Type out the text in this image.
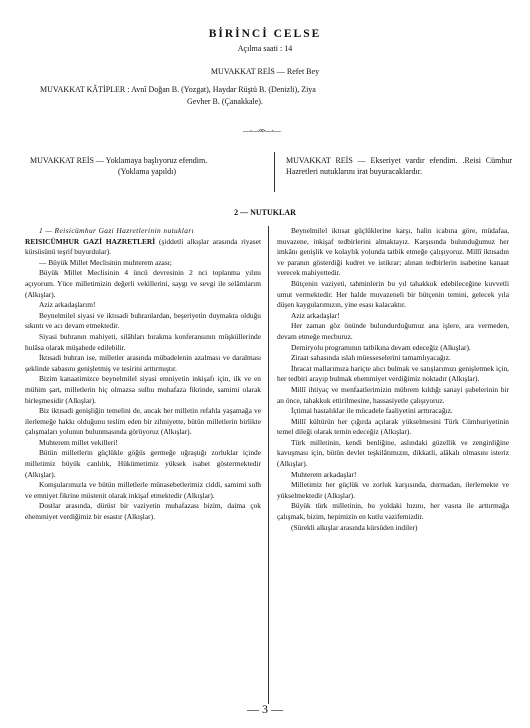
BİRİNCİ CELSE
Açılma saati : 14
MUVAKKAT REİS — Refet Bey
MUVAKKAT KÂTİPLER : Avnî Doğan B. (Yozgat), Haydar Rüştü B. (Denizli), Ziya
Gevher B. (Çanakkale).
—∙—∙∞∙—∙—
MUVAKKAT REİS — Yoklamaya başlıyoruz efendim.
(Yoklama yapıldı)
MUVAKKAT REİS — Ekseriyet vardır efendim. .Reisi Cümhur Hazretleri nutuklarını irat buyuracaklardır.
2 — NUTUKLAR

1 — Reisicümhur Gazi Hazretlerinin nutukları

REISICÜMHUR GAZİ HAZRETLERİ (şiddetli alkışlar arasında riyaset kürsüsünü teşrif buyurdular).

— Büyük Millet Meclisinin muhterem azası;

Büyük Millet Meclisinin 4 üncü devresinin 2 nci toplanma yılını açıyorum. Yüce milletimizin değerli vekillerini, saygı ve sevgi ile selâmlarım (Alkışlar).

Aziz arkadaşlarım!

Beynelmilel siyasi ve iktısadi buhranlardan, beşeriyetin duymakta olduğu sıkıntı ve acı devam etmektedir.

Siyasi buhranın mahiyeti, silâhları bırakma konferansının müşküllerinde hulâsa olarak müşahede edilebilir.

İktısadi buhran ise, milletler arasında mübadelenin azalması ve daralması şeklinde sabasını genişletmiş ve tesirini arttırmıştır.

Bizim kanaatimizce beynelmilel siyasi emniyetin inkişafı için, ilk ve en mühim şart, milletlerin hiç olmazsa sulhu muhafaza fikrinde, samimi olarak birleşmesidir (Alkışlar).

Biz iktısadi genişliğin temelini de, ancak her milletin refahla yaşamağa ve ilerlemeğe hakkı olduğunu teslim eden bir zihniyette, bütün milletlerin birlikte çalışmaları yolunun bulunmasında görüyoruz (Alkışlar).

Muhterem millet vekilleri!

Bütün milletlerin güçlükle göğüs germeğe uğraştığı zorluklar içinde milletimiz büyük canlılık, Hükümetimiz yüksek isabet göstermektedir (Alkışlar).

Komşularımızla ve bütün milletlerle münasebetlerimiz ciddi, samimi sulh ve emniyet fikrine müstenit olarak inkişaf etmektedir (Alkışlar).

Dostlar arasında, dürüst bir vaziyetin muhafazası bizim, daima çok ehemmiyet verdiğimiz bir esastır (Alkışlar).

Beynelmilel iktısat güçlüklerine karşı, halin icabına göre, müdafaa, muvazene, inkişaf tedbirlerini almaktayız. Karşısında bulunduğumuz her imkânı genişlik ve kolaylık yolunda tatbik etmeğe çalışıyoruz. Millî iktısadın ve paranın gösterdiği kudret ve istikrar; alınan tedbirlerin isabetine kanaat verecek mahiyettedir.

Bütçenin vaziyeti, tahminlerin bu yıl tahakkuk edebileceğine kuvvetli umut vermektedir. Her halde muvazeneli bir bütçenin temini, gelecek yıla düşen kaygularımızın, yine esası kalacaktır.

Aziz arkadaşlar!

Her zaman göz önünde bulundurduğumuz ana işlere, ara vermeden, devam etmeğe mecburuz.

Demiryolu programının tatbikına devam edeceğiz (Alkışlar).

Ziraat sahasında ıslah müesseselerini tamamlıyacağız.

İhracat mallarımıza hariçte alıcı bulmak ve satışlarımızı genişletmek için, her tedbiri arayıp bulmak ehemmiyet verdiğimiz noktadır (Alkışlar).

Millî ihtiyaç ve menfaatlerimizin mübrem kıldığı sanayi şubelerinin bir an önce, tahakkuk ettirilmesine, hassasiyetle çalışıyoruz.

İçtimai hastalıklar ile mücadele faaliyetini arttıracağız.

Millî kültürün her çığırda açılarak yükselmesini Türk Cümhuriyetinin temel dileği olarak temin edeceğiz (Alkışlar).

Türk milletinin, kendi benliğine, aslındaki güzellik ve zenginliğine kavuşması için, bütün devlet teşkilâtımızın, dikkatli, alâkalı olmasını isteriz (Alkışlar).

Muhterem arkadaşlar!

Milletimiz her güçlük ve zorluk karşısında, durmadan, ilerlemekte ve yükselmektedir (Alkışlar).

Büyük türk milletinin, bu yoldaki hızını, her vasıta ile arttırmağa çalışmak, bizim, hepimizin en kutlu vazifemizdir.

(Sürekli alkışlar arasında kürsüden indiler)

— 3 —
